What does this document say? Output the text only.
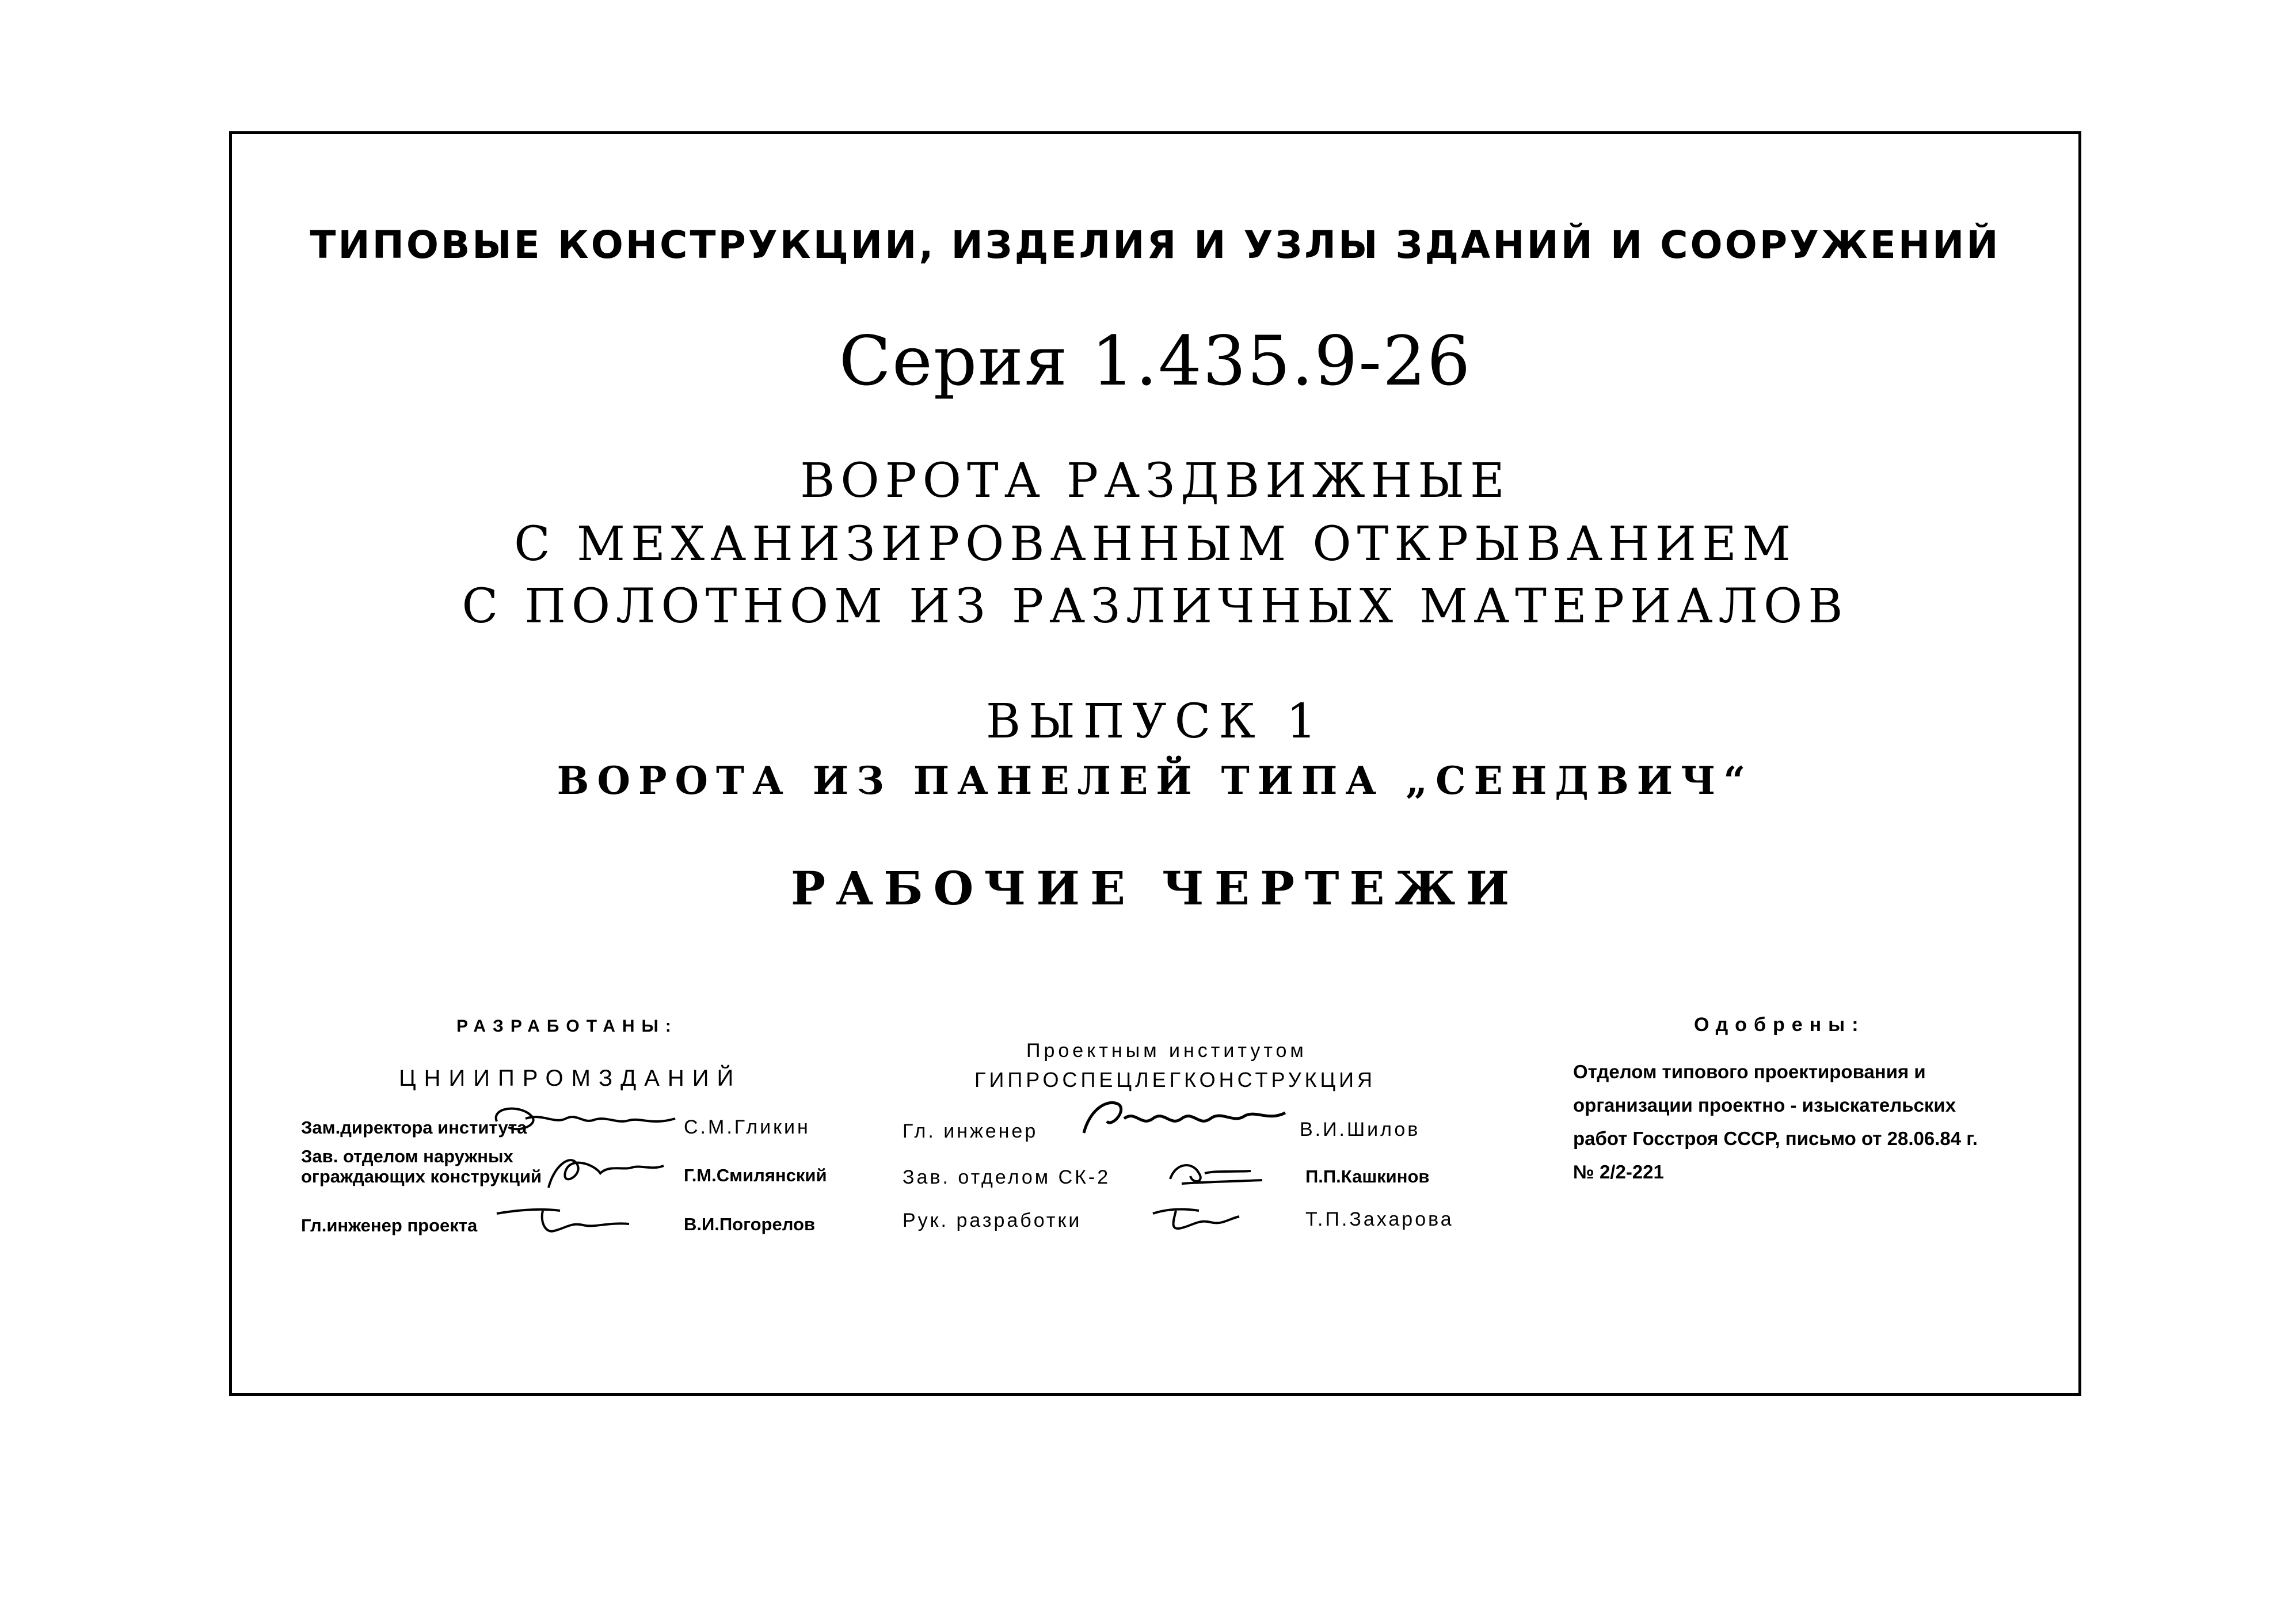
ТИПОВЫЕ КОНСТРУКЦИИ, ИЗДЕЛИЯ И УЗЛЫ ЗДАНИЙ И СООРУЖЕНИЙ
Серия 1.435.9-26
ВОРОТА РАЗДВИЖНЫЕ
С МЕХАНИЗИРОВАННЫМ ОТКРЫВАНИЕМ
С ПОЛОТНОМ ИЗ РАЗЛИЧНЫХ МАТЕРИАЛОВ
ВЫПУСК 1
ВОРОТА ИЗ ПАНЕЛЕЙ ТИПА „СЕНДВИЧ“
РАБОЧИЕ ЧЕРТЕЖИ
РАЗРАБОТАНЫ:
ЦНИИПРОМЗДАНИЙ
Зам.директора института	С.М.Гликин
Зав. отделом наружных
ограждающих конструкций	Г.М.Смилянский
Гл.инженер проекта	В.И.Погорелов
Проектным институтом
ГИПРОСПЕЦЛЕГКОНСТРУКЦИЯ
Гл. инженер	В.И.Шилов
Зав. отделом СК-2	П.П.Кашкинов
Рук. разработки	Т.П.Захарова
Одобрены:
Отделом типового проектирования и
организации проектно - изыскательских
работ Госстроя СССР, письмо от 28.06.84 г.
№ 2/2-221
